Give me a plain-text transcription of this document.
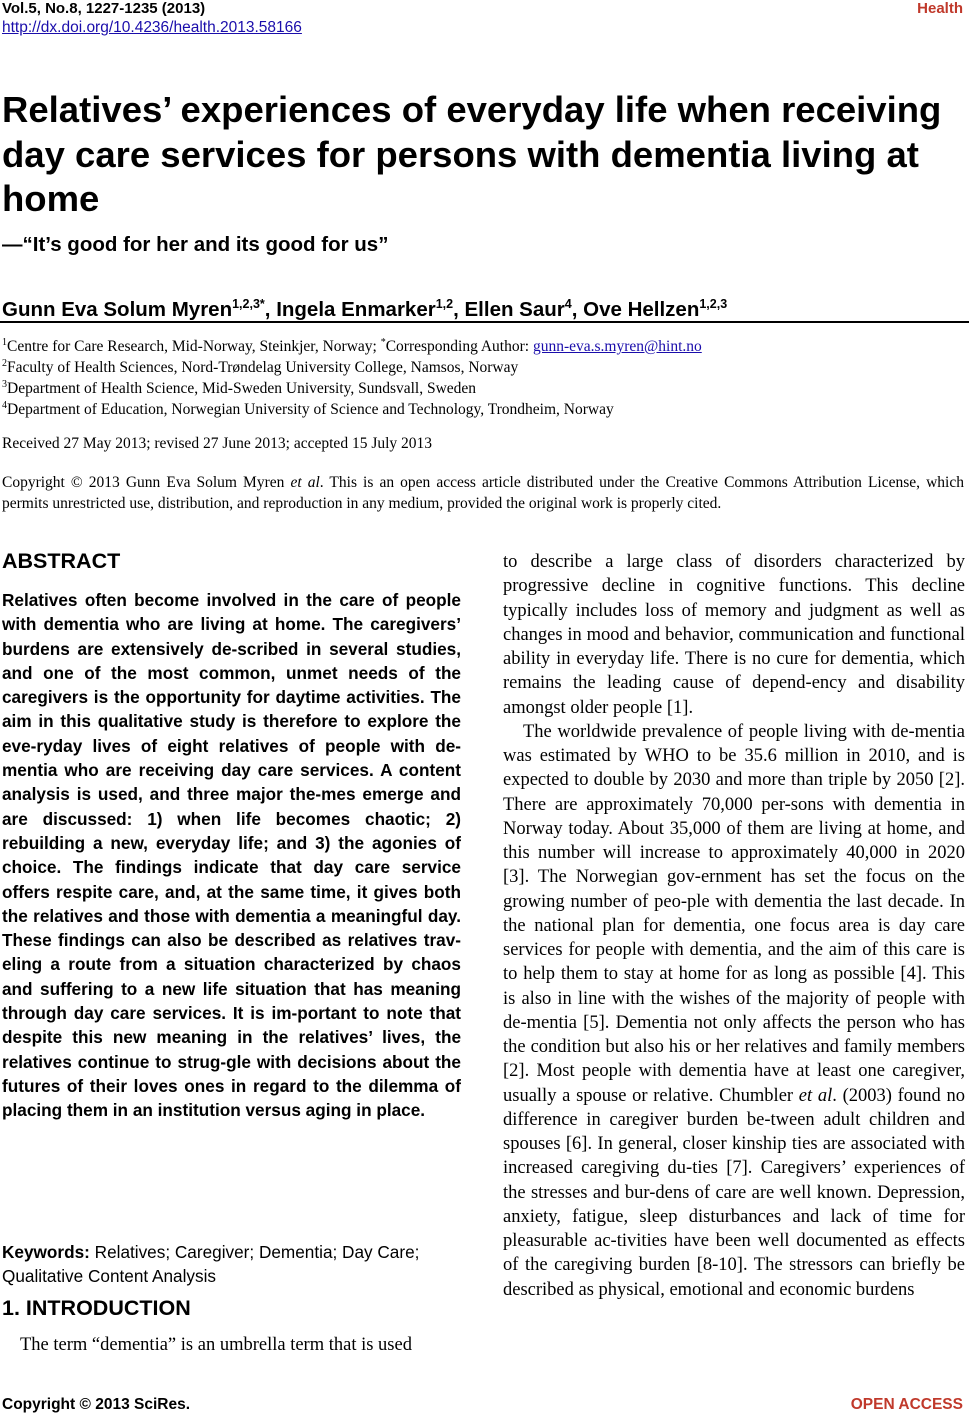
Vol.5, No.8, 1227-1235 (2013)
http://dx.doi.org/10.4236/health.2013.58166
Health
Relatives’ experiences of everyday life when receiving day care services for persons with dementia living at home
—“It’s good for her and its good for us”
Gunn Eva Solum Myren$^{1,2,3*}$, Ingela Enmarker$^{1,2}$, Ellen Saur$^4$, Ove Hellzen$^{1,2,3}$
$^1$Centre for Care Research, Mid-Norway, Steinkjer, Norway; *Corresponding Author: gunn-eva.s.myren@hint.no
$^2$Faculty of Health Sciences, Nord-Trøndelag University College, Namsos, Norway
$^3$Department of Health Science, Mid-Sweden University, Sundsvall, Sweden
$^4$Department of Education, Norwegian University of Science and Technology, Trondheim, Norway
Received 27 May 2013; revised 27 June 2013; accepted 15 July 2013
Copyright © 2013 Gunn Eva Solum Myren et al. This is an open access article distributed under the Creative Commons Attribution License, which permits unrestricted use, distribution, and reproduction in any medium, provided the original work is properly cited.
ABSTRACT

Relatives often become involved in the care of people with dementia who are living at home. The caregivers’ burdens are extensively de-scribed in several studies, and one of the most common, unmet needs of the caregivers is the opportunity for daytime activities. The aim in this qualitative study is therefore to explore the eve-ryday lives of eight relatives of people with de-mentia who are receiving day care services. A content analysis is used, and three major the-mes emerge and are discussed: 1) when life becomes chaotic; 2) rebuilding a new, everyday life; and 3) the agonies of choice. The findings indicate that day care service offers respite care, and, at the same time, it gives both the relatives and those with dementia a meaningful day. These findings can also be described as relatives trav-eling a route from a situation characterized by chaos and suffering to a new life situation that has meaning through day care services. It is im-portant to note that despite this new meaning in the relatives’ lives, the relatives continue to strug-gle with decisions about the futures of their loves ones in regard to the dilemma of placing them in an institution versus aging in place.

Keywords: Relatives; Caregiver; Dementia; Day Care; Qualitative Content Analysis
1. INTRODUCTION

The term “dementia” is an umbrella term that is used

to describe a large class of disorders characterized by progressive decline in cognitive functions. This decline typically includes loss of memory and judgment as well as changes in mood and behavior, communication and functional ability in everyday life. There is no cure for dementia, which remains the leading cause of depend-ency and disability amongst older people [1].

The worldwide prevalence of people living with de-mentia was estimated by WHO to be 35.6 million in 2010, and is expected to double by 2030 and more than triple by 2050 [2]. There are approximately 70,000 per-sons with dementia in Norway today. About 35,000 of them are living at home, and this number will increase to approximately 40,000 in 2020 [3]. The Norwegian gov-ernment has set the focus on the growing number of peo-ple with dementia the last decade. In the national plan for dementia, one focus area is day care services for people with dementia, and the aim of this care is to help them to stay at home for as long as possible [4]. This is also in line with the wishes of the majority of people with de-mentia [5]. Dementia not only affects the person who has the condition but also his or her relatives and family members [2]. Most people with dementia have at least one caregiver, usually a spouse or relative. Chumbler et al. (2003) found no difference in caregiver burden be-tween adult children and spouses [6]. In general, closer kinship ties are associated with increased caregiving du-ties [7]. Caregivers’ experiences of the stresses and bur-dens of care are well known. Depression, anxiety, fatigue, sleep disturbances and lack of time for pleasurable ac-tivities have been well documented as effects of the caregiving burden [8-10]. The stressors can briefly be described as physical, emotional and economic burdens

Copyright © 2013 SciRes.	OPEN ACCESS
